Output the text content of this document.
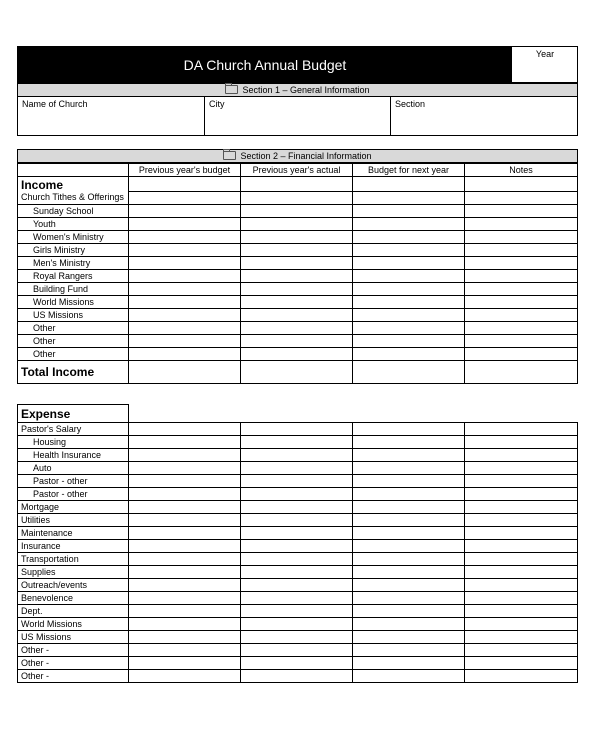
DA Church Annual Budget
Year
Section 1 – General Information
Name of Church	City	Section
Section 2 – Financial Information
	Previous year's budget	Previous year's actual	Budget for next year	Notes
Income				
Church Tithes & Offerings				
Sunday School				
Youth				
Women's Ministry				
Girls Ministry				
Men's Ministry				
Royal Rangers				
Building Fund				
World Missions				
US Missions				
Other				
Other				
Other				
Total Income				
Expense				
Pastor's Salary				
Housing				
Health Insurance				
Auto				
Pastor - other				
Pastor - other				
Mortgage				
Utilities				
Maintenance				
Insurance				
Transportation				
Supplies				
Outreach/events				
Benevolence				
Dept.				
World Missions				
US Missions				
Other -				
Other -				
Other -				
